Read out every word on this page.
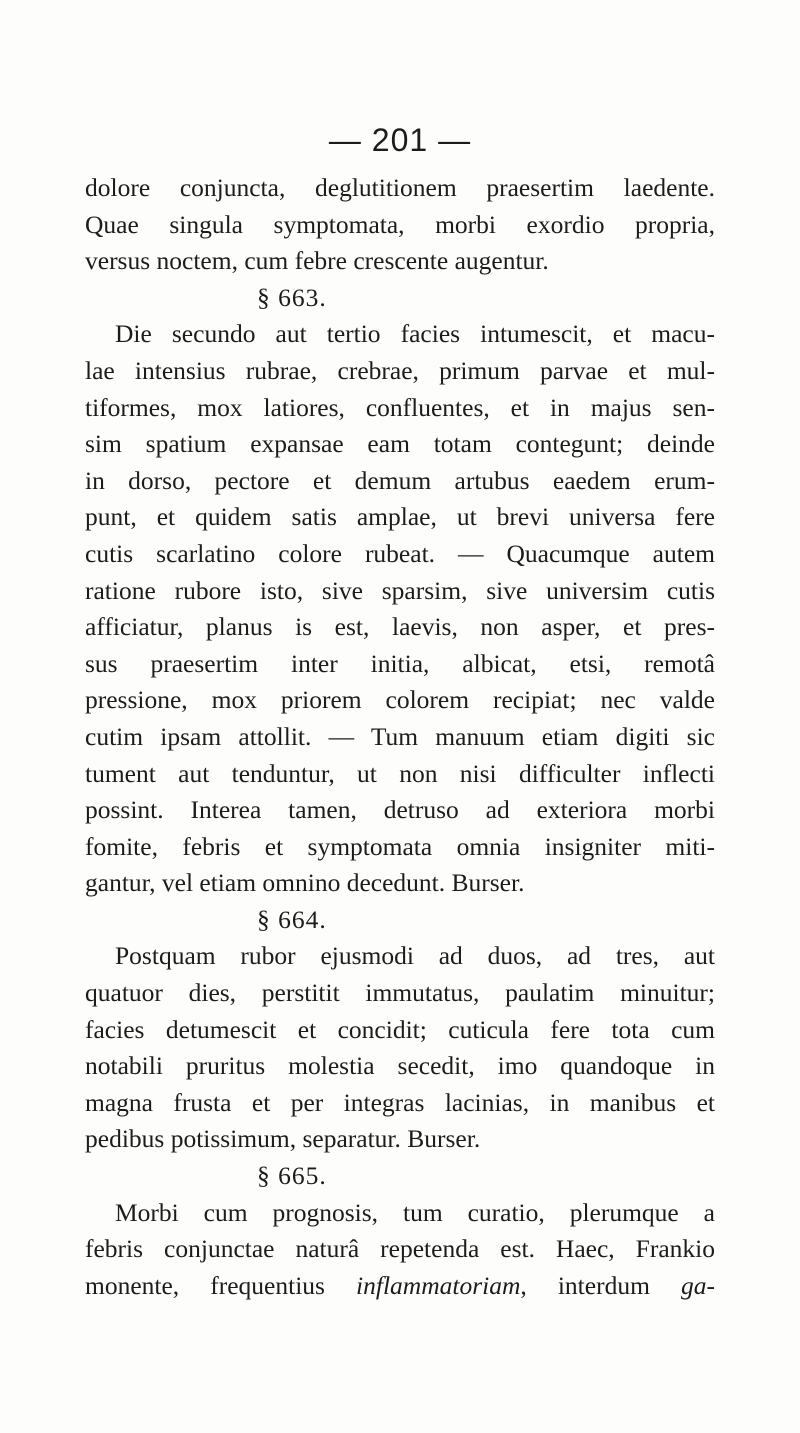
— 201 —
dolore conjuncta, deglutitionem praesertim laedente.
Quae singula symptomata, morbi exordio propria,
versus noctem, cum febre crescente augentur.
§ 663.
Die secundo aut tertio facies intumescit, et macu-
lae intensius rubrae, crebrae, primum parvae et mul-
tiformes, mox latiores, confluentes, et in majus sen-
sim spatium expansae eam totam contegunt; deinde
in dorso, pectore et demum artubus eaedem erum-
punt, et quidem satis amplae, ut brevi universa fere
cutis scarlatino colore rubeat. — Quacumque autem
ratione rubore isto, sive sparsim, sive universim cutis
afficiatur, planus is est, laevis, non asper, et pres-
sus praesertim inter initia, albicat, etsi, remotâ
pressione, mox priorem colorem recipiat; nec valde
cutim ipsam attollit. — Tum manuum etiam digiti sic
tument aut tenduntur, ut non nisi difficulter inflecti
possint. Interea tamen, detruso ad exteriora morbi
fomite, febris et symptomata omnia insigniter miti-
gantur, vel etiam omnino decedunt. Burser.
§ 664.
Postquam rubor ejusmodi ad duos, ad tres, aut
quatuor dies, perstitit immutatus, paulatim minuitur;
facies detumescit et concidit; cuticula fere tota cum
notabili pruritus molestia secedit, imo quandoque in
magna frusta et per integras lacinias, in manibus et
pedibus potissimum, separatur. Burser.
§ 665.
Morbi cum prognosis, tum curatio, plerumque a
febris conjunctae naturâ repetenda est. Haec, Frankio
monente, frequentius inflammatoriam, interdum ga-
